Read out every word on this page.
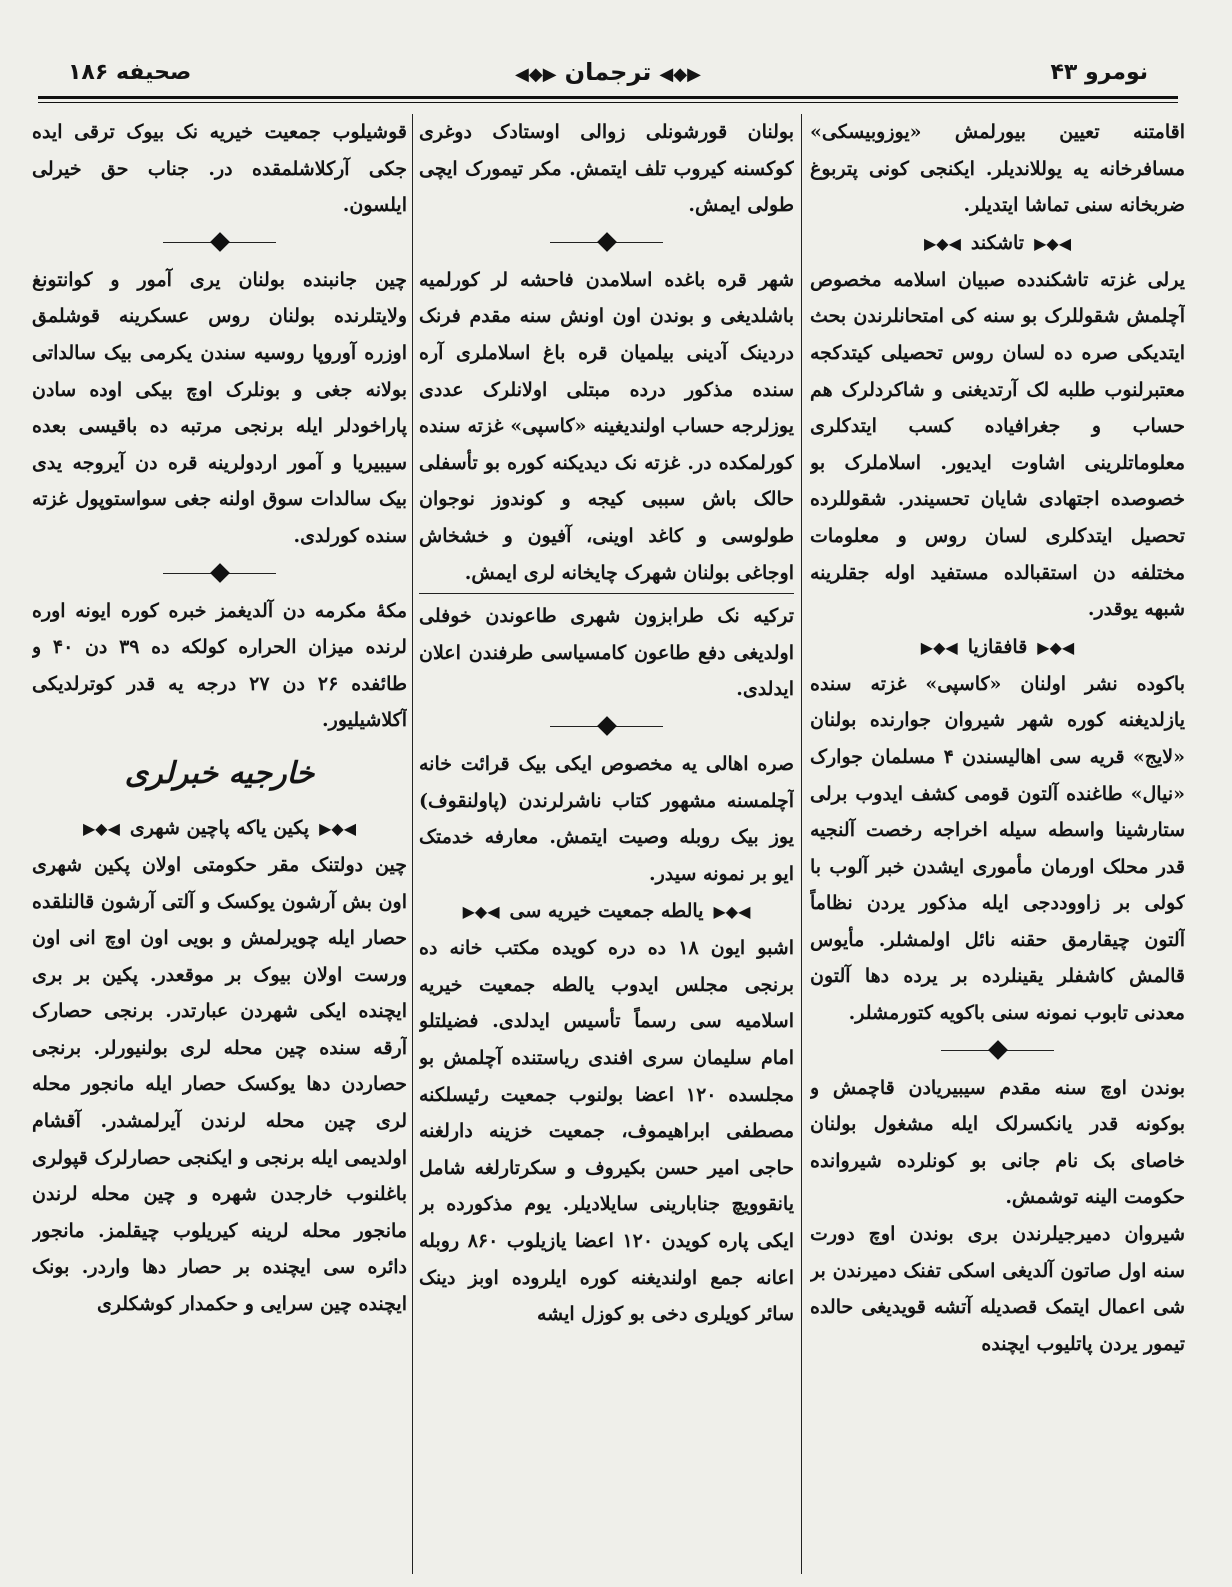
صحیفه ۱۸۶	◀◆▶ترجمان◀◆▶	نومرو ۴۳

اقامتنه تعیین بیورلمش «یوزوبیسکی» مسافرخانه یه یوللاندیلر. ایکنجی کونی پتربوغ ضربخانه سنی تماشا ایتدیلر.

▶◆◀تاشکند▶◆◀

یرلی غزته تاشکندده صبیان اسلامه مخصوص آچلمش شقوللرک بو سنه کی امتحانلرندن بحث ایتدیکی صره ده لسان روس تحصیلی کیتدکجه معتبرلنوب طلبه لک آرتدیغنی و شاکردلرک هم حساب و جغرافیاده کسب ایتدکلری معلوماتلرینی اشاوت ایدیور. اسلاملرک بو خصوصده اجتهادی شایان تحسیندر. شقوللرده تحصیل ایتدکلری لسان روس و معلومات مختلفه دن استقبالده مستفید اوله جقلرینه شبهه یوقدر.

▶◆◀قافقازیا▶◆◀

باکوده نشر اولنان «کاسپی» غزته سنده یازلدیغنه کوره شهر شیروان جوارنده بولنان «لایج» قریه سی اهالیسندن ۴ مسلمان جوارک «نیال» طاغنده آلتون قومی کشف ایدوب برلی ستارشینا واسطه سیله اخراجه رخصت آلنجیه قدر محلک اورمان مأموری ایشدن خبر آلوب با کولی بر زاووددجی ایله مذکور یردن نظاماً آلتون چیقارمق حقنه نائل اولمشلر. مأیوس قالمش کاشفلر یقینلرده بر یرده دها آلتون معدنی تابوب نمونه سنی باکویه کتورمشلر.

بوندن اوچ سنه مقدم سیبیریادن قاچمش و بوکونه قدر یانکسرلک ایله مشغول بولنان خاصای بک نام جانی بو کونلرده شیروانده حکومت الینه توشمش.

شیروان دمیرجیلرندن بری بوندن اوچ دورت سنه اول صاتون آلدیغی اسکی تفنک دمیرندن بر شی اعمال ایتمک قصدیله آتشه قویدیغی حالده تیمور یردن پاتلیوب ایچنده

بولنان قورشونلی زوالی اوستادک دوغری کوکسنه کیروب تلف ایتمش. مکر تیمورک ایچی طولی ایمش.

شهر قره باغده اسلامدن فاحشه لر کورلمیه باشلدیغی و بوندن اون اونش سنه مقدم فرنک دردینک آدینی بیلمیان قره باغ اسلاملری آره سنده مذکور درده مبتلی اولانلرک عددی یوزلرجه حساب اولندیغینه «کاسپی» غزته سنده کورلمکده در. غزته نک دیدیکنه کوره بو تأسفلی حالک باش سببی کیجه و کوندوز نوجوان طولوسی و کاغد اوینی، آفیون و خشخاش اوجاغی بولنان شهرک چایخانه لری ایمش.

ترکیه نک طرابزون شهری طاعوندن خوفلی اولدیغی دفع طاعون کامسیاسی طرفندن اعلان ایدلدی.

صره اهالی یه مخصوص ایکی بیک قرائت خانه آچلمسنه مشهور کتاب ناشرلرندن (پاولنقوف) یوز بیک روبله وصیت ایتمش. معارفه خدمتک ایو بر نمونه سیدر.

▶◆◀یالطه جمعیت خیریه سی▶◆◀

اشبو ایون ۱۸ ده دره کویده مکتب خانه ده برنجی مجلس ایدوب یالطه جمعیت خیریه اسلامیه سی رسماً تأسیس ایدلدی. فضیلتلو امام سلیمان سری افندی ریاستنده آچلمش بو مجلسده ۱۲۰ اعضا بولنوب جمعیت رئیسلکنه مصطفی ابراهیموف، جمعیت خزینه دارلغنه حاجی امیر حسن بکیروف و سکرتارلغه شامل یانقوویچ جنابارینی سایلادیلر. یوم مذکورده بر ایکی پاره کویدن ۱۲۰ اعضا یازیلوب ۸۶۰ روبله اعانه جمع اولندیغنه کوره ایلروده اوبز دینک سائر کویلری دخی بو کوزل ایشه

قوشیلوب جمعیت خیریه نک بیوک ترقی ایده جکی آرکلاشلمقده در. جناب حق خیرلی ایلسون.

چین جانبنده بولنان یری آمور و کوانتونغ ولایتلرنده بولنان روس عسکرینه قوشلمق اوزره آوروپا روسیه سندن یکرمی بیک سالداتی بولانه جغی و بونلرک اوچ بیکی اوده سادن پاراخودلر ایله برنجی مرتبه ده باقیسی بعده سیبیریا و آمور اردولرینه قره دن آیروجه یدی بیک سالدات سوق اولنه جغی سواستوپول غزته سنده کورلدی.

مکهٔ مکرمه دن آلدیغمز خبره کوره ایونه اوره لرنده میزان الحراره کولکه ده ۳۹ دن ۴۰ و طائفده ۲۶ دن ۲۷ درجه یه قدر کوترلدیکی آکلاشیلیور.

خارجیه خبرلری
▶◆◀پکین یاکه پاچین شهری▶◆◀

چین دولتنک مقر حکومتی اولان پکین شهری اون بش آرشون یوکسک و آلتی آرشون قالنلقده حصار ایله چویرلمش و بویی اون اوچ انی اون ورست اولان بیوک بر موقعدر. پکین بر بری ایچنده ایکی شهردن عبارتدر. برنجی حصارک آرقه سنده چین محله لری بولنیورلر. برنجی حصاردن دها یوکسک حصار ایله مانجور محله لری چین محله لرندن آیرلمشدر. آقشام اولدیمی ایله برنجی و ایکنجی حصارلرک قپولری باغلنوب خارجدن شهره و چین محله لرندن مانجور محله لرینه کیریلوب چیقلمز. مانجور دائره سی ایچنده بر حصار دها واردر. بونک ایچنده چین سرایی و حکمدار کوشکلری
